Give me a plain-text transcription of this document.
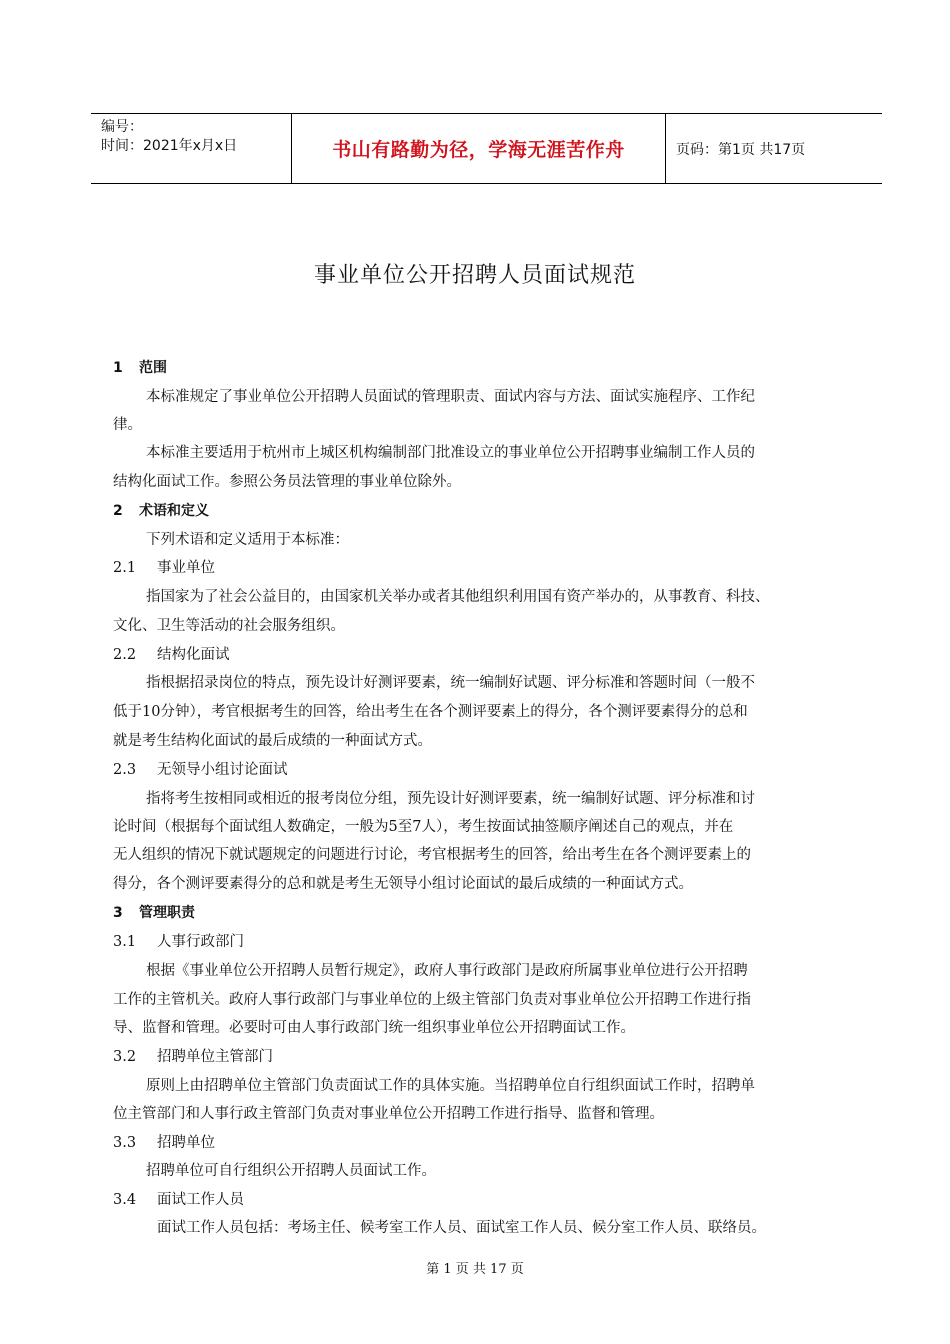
编号：
时间：2021年x月x日	书山有路勤为径，学海无涯苦作舟	页码：第1页 共17页
事业单位公开招聘人员面试规范
1 范围
本标准规定了事业单位公开招聘人员面试的管理职责、面试内容与方法、面试实施程序、工作纪
律。
本标准主要适用于杭州市上城区机构编制部门批准设立的事业单位公开招聘事业编制工作人员的
结构化面试工作。参照公务员法管理的事业单位除外。
2 术语和定义
下列术语和定义适用于本标准：
2.1 事业单位
指国家为了社会公益目的，由国家机关举办或者其他组织利用国有资产举办的，从事教育、科技、
文化、卫生等活动的社会服务组织。
2.2 结构化面试
指根据招录岗位的特点，预先设计好测评要素，统一编制好试题、评分标准和答题时间（一般不
低于10分钟），考官根据考生的回答，给出考生在各个测评要素上的得分，各个测评要素得分的总和
就是考生结构化面试的最后成绩的一种面试方式。
2.3 无领导小组讨论面试
指将考生按相同或相近的报考岗位分组，预先设计好测评要素，统一编制好试题、评分标准和讨
论时间（根据每个面试组人数确定，一般为5至7人），考生按面试抽签顺序阐述自己的观点，并在
无人组织的情况下就试题规定的问题进行讨论，考官根据考生的回答，给出考生在各个测评要素上的
得分，各个测评要素得分的总和就是考生无领导小组讨论面试的最后成绩的一种面试方式。
3 管理职责
3.1 人事行政部门
根据《事业单位公开招聘人员暂行规定》，政府人事行政部门是政府所属事业单位进行公开招聘
工作的主管机关。政府人事行政部门与事业单位的上级主管部门负责对事业单位公开招聘工作进行指
导、监督和管理。必要时可由人事行政部门统一组织事业单位公开招聘面试工作。
3.2 招聘单位主管部门
原则上由招聘单位主管部门负责面试工作的具体实施。当招聘单位自行组织面试工作时，招聘单
位主管部门和人事行政主管部门负责对事业单位公开招聘工作进行指导、监督和管理。
3.3 招聘单位
招聘单位可自行组织公开招聘人员面试工作。
3.4 面试工作人员
面试工作人员包括：考场主任、候考室工作人员、面试室工作人员、候分室工作人员、联络员。
第 1 页 共 17 页
